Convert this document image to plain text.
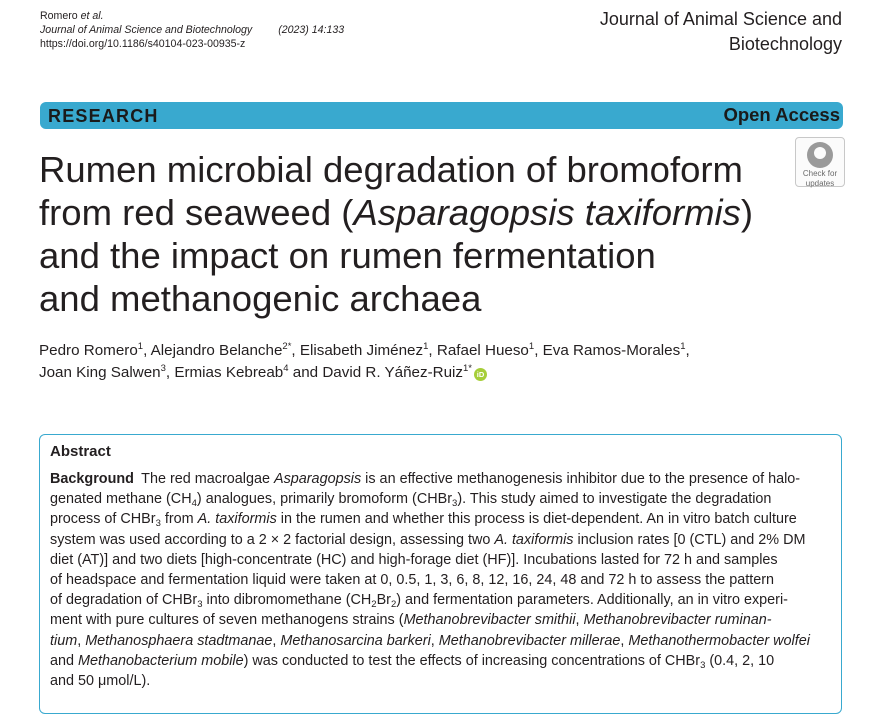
Romero et al.
Journal of Animal Science and Biotechnology (2023) 14:133
https://doi.org/10.1186/s40104-023-00935-z
Journal of Animal Science and
Biotechnology
RESEARCH	Open Access
Check for
updates
Rumen microbial degradation of bromoform
from red seaweed (Asparagopsis taxiformis)
and the impact on rumen fermentation
and methanogenic archaea
Pedro Romero$^1$, Alejandro Belanche$^{2*}$, Elisabeth Jiménez$^1$, Rafael Hueso$^1$, Eva Ramos-Morales$^1$,
Joan King Salwen$^3$, Ermias Kebreab$^4$ and David R. Yáñez-Ruiz$^{1*}$iD
Abstract
Background  The red macroalgae Asparagopsis is an effective methanogenesis inhibitor due to the presence of halo-
genated methane $(CH_4)$ analogues, primarily bromoform (CHBr$_3$). This study aimed to investigate the degradation
process of CHBr$_3$ from A. taxiformis in the rumen and whether this process is diet-dependent. An in vitro batch culture
system was used according to a 2 × 2 factorial design, assessing two A. taxiformis inclusion rates [0 (CTL) and 2% DM
diet (AT)] and two diets [high-concentrate (HC) and high-forage diet (HF)]. Incubations lasted for 72 h and samples
of headspace and fermentation liquid were taken at 0, 0.5, 1, 3, 6, 8, 12, 16, 24, 48 and 72 h to assess the pattern
of degradation of CHBr$_3$ into dibromomethane $(CH_2Br_2)$ and fermentation parameters. Additionally, an in vitro experi-
ment with pure cultures of seven methanogens strains (Methanobrevibacter smithii, Methanobrevibacter ruminan-
tium, Methanosphaera stadtmanae, Methanosarcina barkeri, Methanobrevibacter millerae, Methanothermobacter wolfei
and Methanobacterium mobile) was conducted to test the effects of increasing concentrations of CHBr$_3$ (0.4, 2, 10
and 50 μmol/L).
